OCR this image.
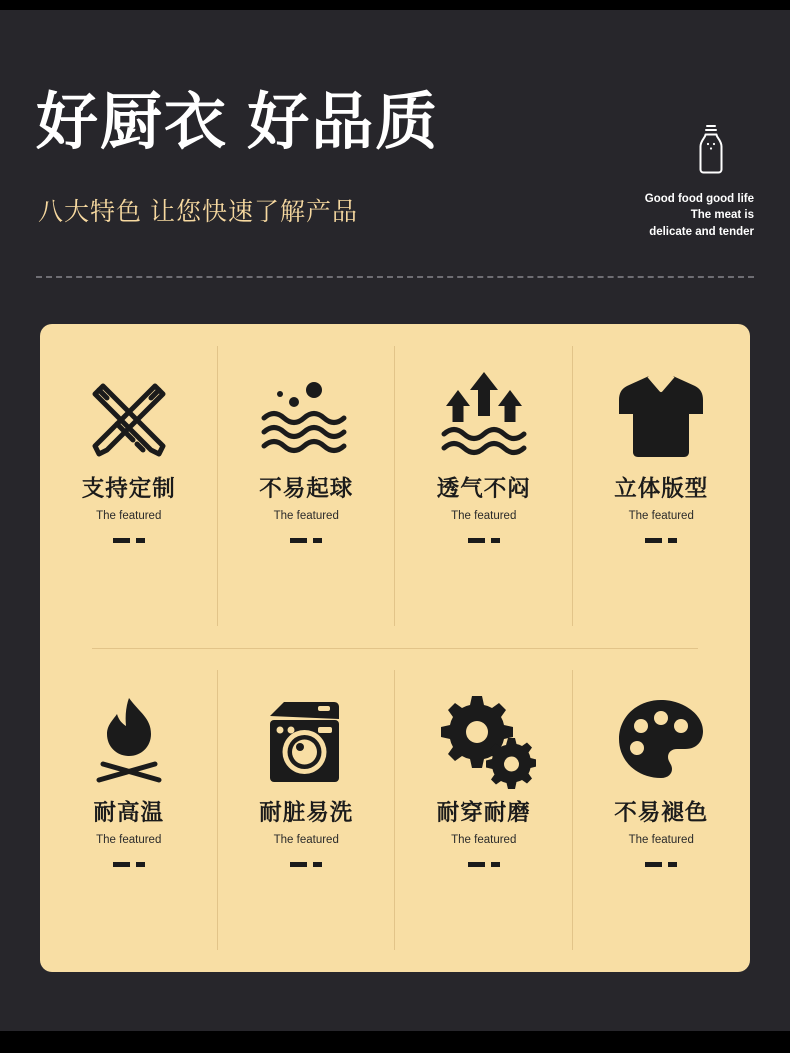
好厨衣 好品质
八大特色 让您快速了解产品	Good food good life
The meat is
delicate and tender
支持定制
The featured
不易起球
The featured
透气不闷
The featured
立体版型
The featured
耐高温
The featured
耐脏易洗
The featured
耐穿耐磨
The featured
不易褪色
The featured
